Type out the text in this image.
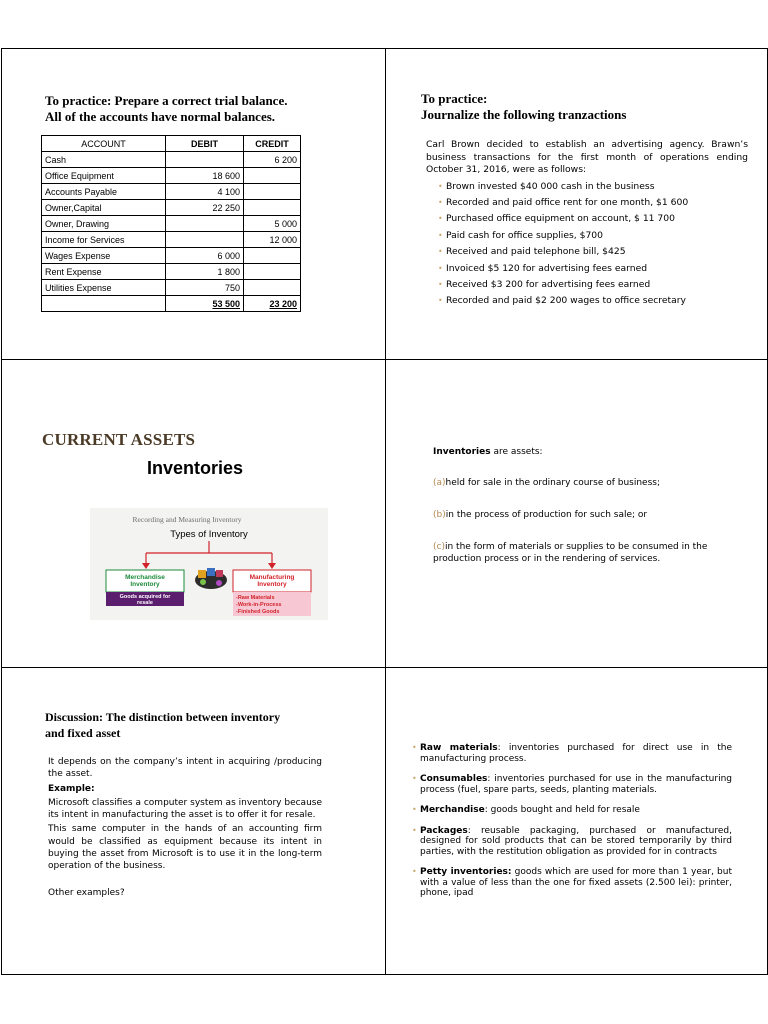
To practice: Prepare a correct trial balance.
All of the accounts have normal balances.
ACCOUNT	DEBIT	CREDIT
Cash		6 200
Office Equipment	18 600	
Accounts Payable	4 100	
Owner,Capital	22 250	
Owner, Drawing		5 000
Income for Services		12 000
Wages Expense	6 000	
Rent Expense	1 800	
Utilities Expense	750	
	53 500	23 200
To practice:
Journalize the following tranzactions
Carl Brown decided to establish an advertising agency. Brawn’s business transactions for the first month of operations ending October 31, 2016, were as follows:
• Brown invested $40 000 cash in the business
• Recorded and paid office rent for one month, $1 600
• Purchased office equipment on account, $ 11 700
• Paid cash for office supplies, $700
• Received and paid telephone bill, $425
• Invoiced $5 120 for advertising fees earned
• Received $3 200 for advertising fees earned
• Recorded and paid $2 200 wages to office secretary
CURRENT ASSETS
Inventories
Recording and Measuring Inventory
Types of Inventory
Merchandise Inventory
Goods acquired for resale
Manufacturing Inventory
-Raw Materials
-Work-in-Process
-Finished Goods
Inventories are assets:
(a)held for sale in the ordinary course of business;
(b)in the process of production for such sale; or
(c)in the form of materials or supplies to be consumed in the production process or in the rendering of services.
Discussion: The distinction between inventory
and fixed asset

It depends on the company’s intent in acquiring /producing the asset.

Example:

Microsoft classifies a computer system as inventory because its intent in manufacturing the asset is to offer it for resale.

This same computer in the hands of an accounting firm would be classified as equipment because its intent in buying the asset from Microsoft is to use it in the long-term operation of the business.

Other examples?

• Raw materials: inventories purchased for direct use in the manufacturing process.
• Consumables: inventories purchased for use in the manufacturing process (fuel, spare parts, seeds, planting materials.
• Merchandise: goods bought and held for resale
• Packages: reusable packaging, purchased or manufactured, designed for sold products that can be stored temporarily by third parties, with the restitution obligation as provided for in contracts
• Petty inventories: goods which are used for more than 1 year, but with a value of less than the one for fixed assets (2.500 lei): printer, phone, ipad
